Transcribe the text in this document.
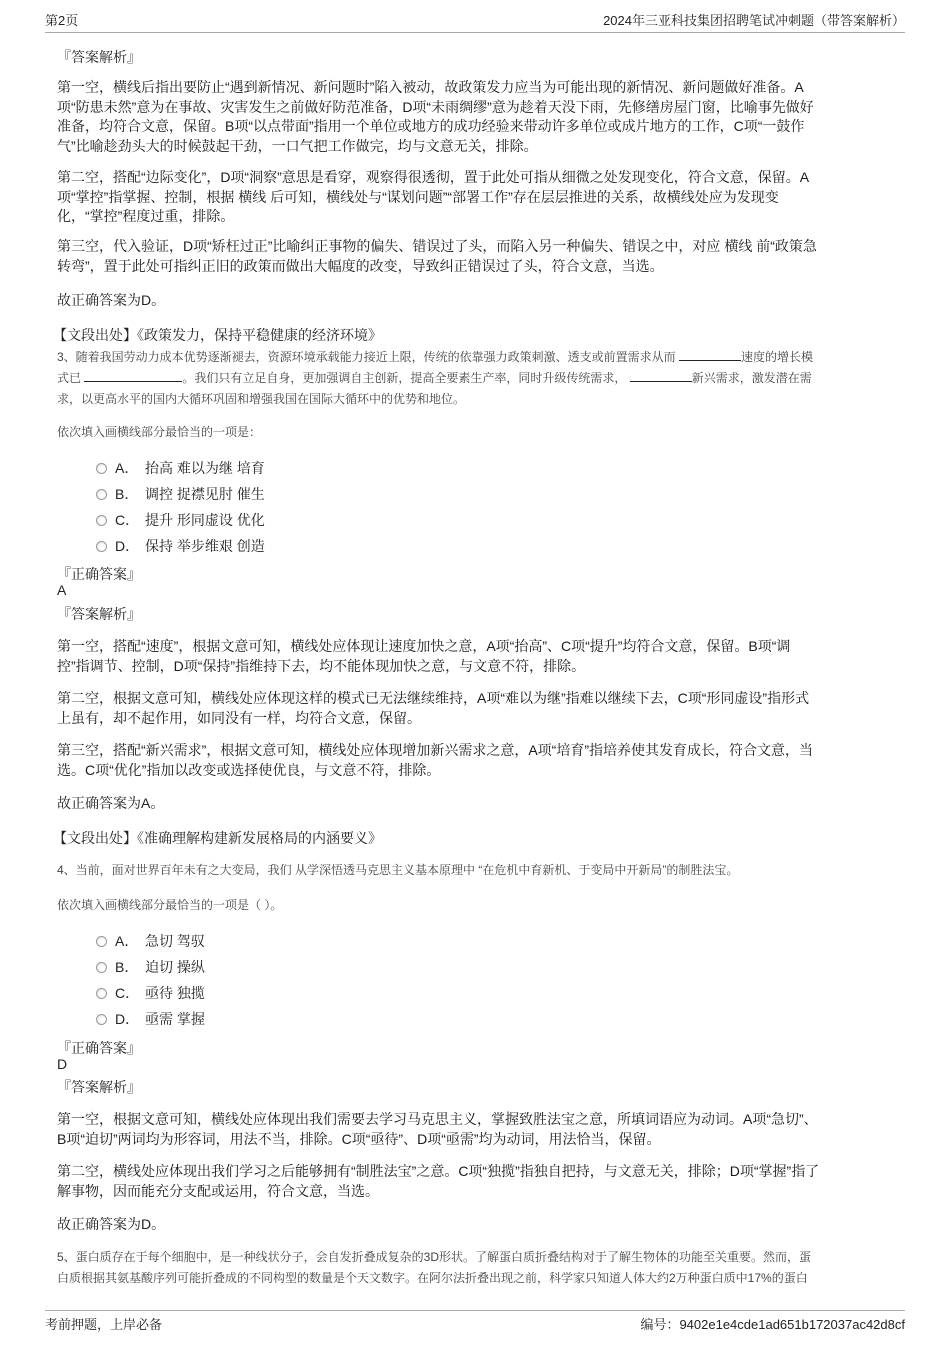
第2页	2024年三亚科技集团招聘笔试冲刺题（带答案解析）
『答案解析』
第一空，横线后指出要防止“遇到新情况、新问题时”陷入被动，故政策发力应当为可能出现的新情况、新问题做好准备。A
项“防患未然”意为在事故、灾害发生之前做好防范准备，D项“未雨绸缪”意为趁着天没下雨，先修缮房屋门窗，比喻事先做好
准备，均符合文意，保留。B项“以点带面”指用一个单位或地方的成功经验来带动许多单位或成片地方的工作，C项“一鼓作
气”比喻趁劲头大的时候鼓起干劲，一口气把工作做完，均与文意无关，排除。
第二空，搭配“边际变化”，D项“洞察”意思是看穿，观察得很透彻，置于此处可指从细微之处发现变化，符合文意，保留。A
项“掌控”指掌握、控制，根据 横线 后可知，横线处与“谋划问题”“部署工作”存在层层推进的关系，故横线处应为发现变
化，“掌控”程度过重，排除。
第三空，代入验证，D项“矫枉过正”比喻纠正事物的偏失、错误过了头，而陷入另一种偏失、错误之中，对应 横线 前“政策急
转弯”，置于此处可指纠正旧的政策而做出大幅度的改变，导致纠正错误过了头，符合文意，当选。
故正确答案为D。
【文段出处】《政策发力，保持平稳健康的经济环境》
3、随着我国劳动力成本优势逐渐褪去，资源环境承载能力接近上限，传统的依靠强力政策刺激、透支或前置需求从而	速度的增长模
式已	。我们只有立足自身，更加强调自主创新，提高全要素生产率，同时升级传统需求，	新兴需求，激发潜在需
求，以更高水平的国内大循环巩固和增强我国在国际大循环中的优势和地位。
依次填入画横线部分最恰当的一项是：
A． 抬高 难以为继 培育
B． 调控 捉襟见肘 催生
C． 提升 形同虚设 优化
D． 保持 举步维艰 创造
『正确答案』
A
『答案解析』
第一空，搭配“速度”，根据文意可知，横线处应体现让速度加快之意，A项“抬高”、C项“提升”均符合文意，保留。B项“调
控”指调节、控制，D项“保持”指维持下去，均不能体现加快之意，与文意不符，排除。
第二空，根据文意可知，横线处应体现这样的模式已无法继续维持，A项“难以为继”指难以继续下去，C项“形同虚设”指形式
上虽有，却不起作用，如同没有一样，均符合文意，保留。
第三空，搭配“新兴需求”，根据文意可知，横线处应体现增加新兴需求之意，A项“培育”指培养使其发育成长，符合文意，当
选。C项“优化”指加以改变或选择使优良，与文意不符，排除。
故正确答案为A。
【文段出处】《准确理解构建新发展格局的内涵要义》
4、当前，面对世界百年未有之大变局，我们 从学深悟透马克思主义基本原理中 “在危机中育新机、于变局中开新局”的制胜法宝。
依次填入画横线部分最恰当的一项是（ ）。
A． 急切 驾驭
B． 迫切 操纵
C． 亟待 独揽
D． 亟需 掌握
『正确答案』
D
『答案解析』
第一空，根据文意可知，横线处应体现出我们需要去学习马克思主义，掌握致胜法宝之意，所填词语应为动词。A项“急切”、
B项“迫切”两词均为形容词，用法不当，排除。C项“亟待”、D项“亟需”均为动词，用法恰当，保留。
第二空，横线处应体现出我们学习之后能够拥有“制胜法宝”之意。C项“独揽”指独自把持，与文意无关，排除；D项“掌握”指了
解事物，因而能充分支配或运用，符合文意，当选。
故正确答案为D。
5、蛋白质存在于每个细胞中，是一种线状分子，会自发折叠成复杂的3D形状。了解蛋白质折叠结构对于了解生物体的功能至关重要。然而，蛋
白质根据其氨基酸序列可能折叠成的不同构型的数量是个天文数字。在阿尔法折叠出现之前，科学家只知道人体大约2万种蛋白质中17%的蛋白
考前押题，上岸必备	编号：9402e1e4cde1ad651b172037ac42d8cf
